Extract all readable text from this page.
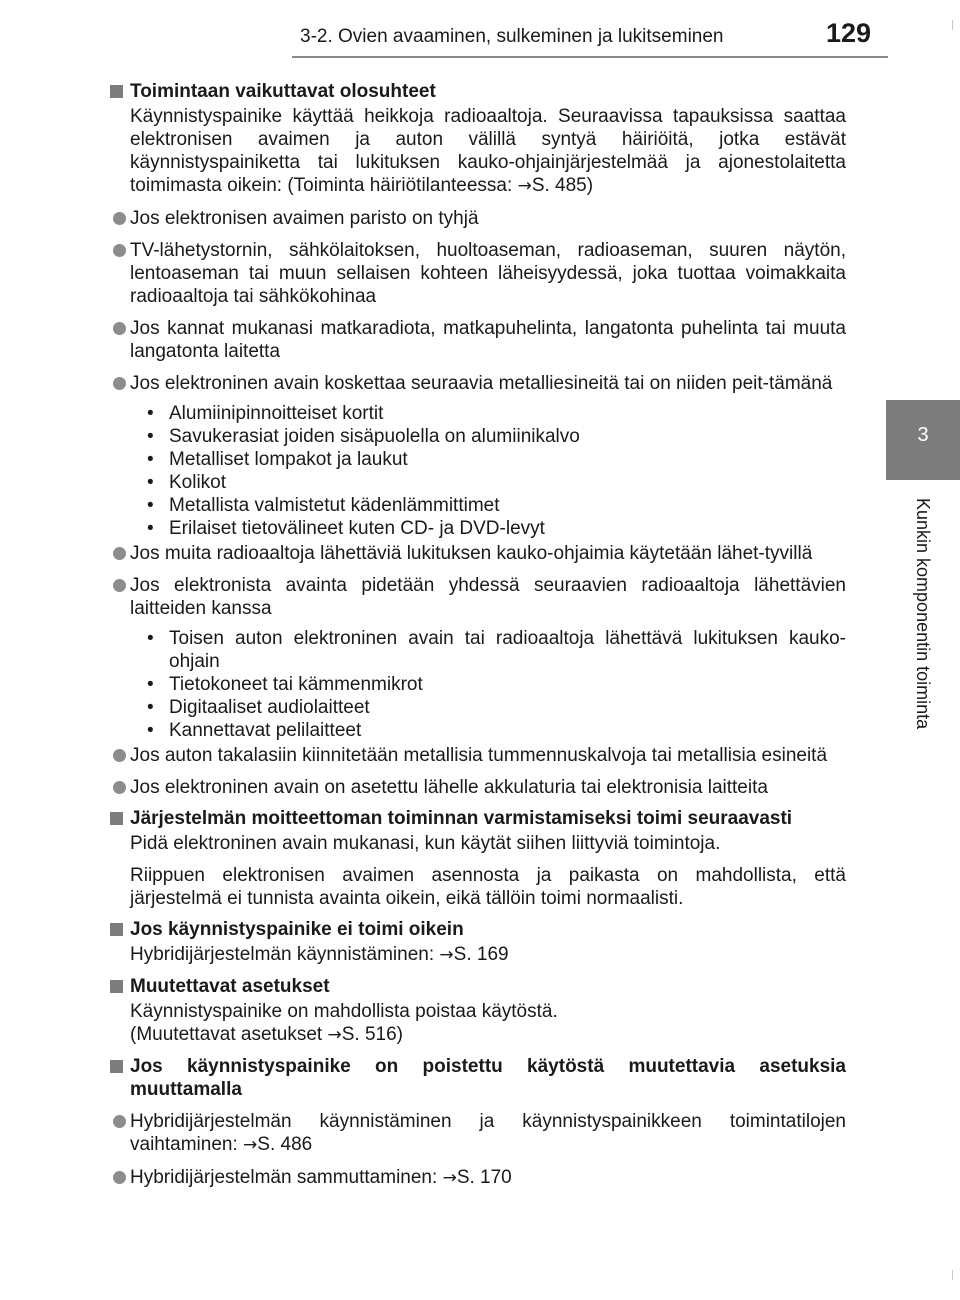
3-2. Ovien avaaminen, sulkeminen ja lukitseminen	129
3
Kunkin komponentin toiminta
Toimintaan vaikuttavat olosuhteet
Käynnistyspainike käyttää heikkoja radioaaltoja. Seuraavissa tapauksissa saattaa elektronisen avaimen ja auton välillä syntyä häiriöitä, jotka estävät käynnistyspainiketta tai lukituksen kauko-ohjainjärjestelmää ja ajonestolaitetta toimimasta oikein: (Toiminta häiriötilanteessa: →S. 485)
Jos elektronisen avaimen paristo on tyhjä
TV-lähetystornin, sähkölaitoksen, huoltoaseman, radioaseman, suuren näytön, lentoaseman tai muun sellaisen kohteen läheisyydessä, joka tuottaa voimakkaita radioaaltoja tai sähkökohinaa
Jos kannat mukanasi matkaradiota, matkapuhelinta, langatonta puhelinta tai muuta langatonta laitetta
Jos elektroninen avain koskettaa seuraavia metalliesineitä tai on niiden peit-tämänä
• Alumiinipinnoitteiset kortit
• Savukerasiat joiden sisäpuolella on alumiinikalvo
• Metalliset lompakot ja laukut
• Kolikot
• Metallista valmistetut kädenlämmittimet
• Erilaiset tietovälineet kuten CD- ja DVD-levyt
Jos muita radioaaltoja lähettäviä lukituksen kauko-ohjaimia käytetään lähet-tyvillä
Jos elektronista avainta pidetään yhdessä seuraavien radioaaltoja lähettävien laitteiden kanssa
• Toisen auton elektroninen avain tai radioaaltoja lähettävä lukituksen kauko-ohjain
• Tietokoneet tai kämmenmikrot
• Digitaaliset audiolaitteet
• Kannettavat pelilaitteet
Jos auton takalasiin kiinnitetään metallisia tummennuskalvoja tai metallisia esineitä
Jos elektroninen avain on asetettu lähelle akkulaturia tai elektronisia laitteita
Järjestelmän moitteettoman toiminnan varmistamiseksi toimi seuraavasti
Pidä elektroninen avain mukanasi, kun käytät siihen liittyviä toimintoja.
Riippuen elektronisen avaimen asennosta ja paikasta on mahdollista, että järjestelmä ei tunnista avainta oikein, eikä tällöin toimi normaalisti.
Jos käynnistyspainike ei toimi oikein
Hybridijärjestelmän käynnistäminen: →S. 169
Muutettavat asetukset
Käynnistyspainike on mahdollista poistaa käytöstä.
(Muutettavat asetukset →S. 516)
Jos käynnistyspainike on poistettu käytöstä muutettavia asetuksia muuttamalla
Hybridijärjestelmän käynnistäminen ja käynnistyspainikkeen toimintatilojen vaihtaminen: →S. 486
Hybridijärjestelmän sammuttaminen: →S. 170
